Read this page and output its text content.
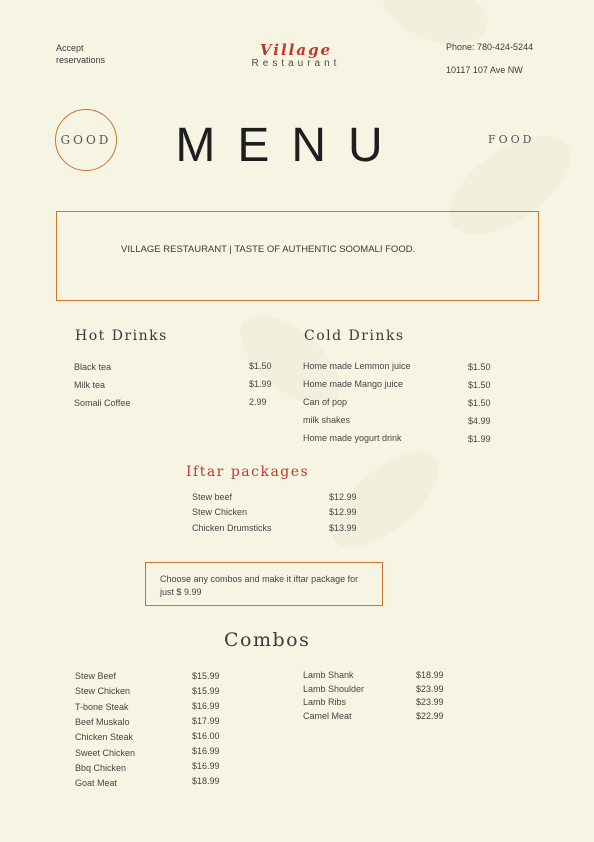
Accept
reservations
Village
Restaurant
Phone: 780-424-5244
10117 107 Ave NW
GOOD	MENU	FOOD
VILLAGE RESTAURANT | TASTE OF AUTHENTIC SOOMALI FOOD.
Hot Drinks
Black tea	$1.50
Milk tea	$1.99
Somali Coffee	2.99
Cold Drinks
Home made Lemmon juice	$1.50
Home made Mango juice	$1.50
Can of pop	$1.50
milk shakes	$4.99
Home made yogurt drink	$1.99
Iftar packages
Stew beef	$12.99
Stew Chicken	$12.99
Chicken Drumsticks	$13.99
Choose any combos and make it iftar package for just $ 9.99
Combos
Stew Beef	$15.99
Stew Chicken	$15.99
T-bone Steak	$16.99
Beef Muskalo	$17.99
Chicken Steak	$16.00
Sweet Chicken	$16.99
Bbq Chicken	$16.99
Goat Meat	$18.99
Lamb Shank	$18.99
Lamb Shoulder	$23.99
Lamb Ribs	$23.99
Camel Meat	$22.99
